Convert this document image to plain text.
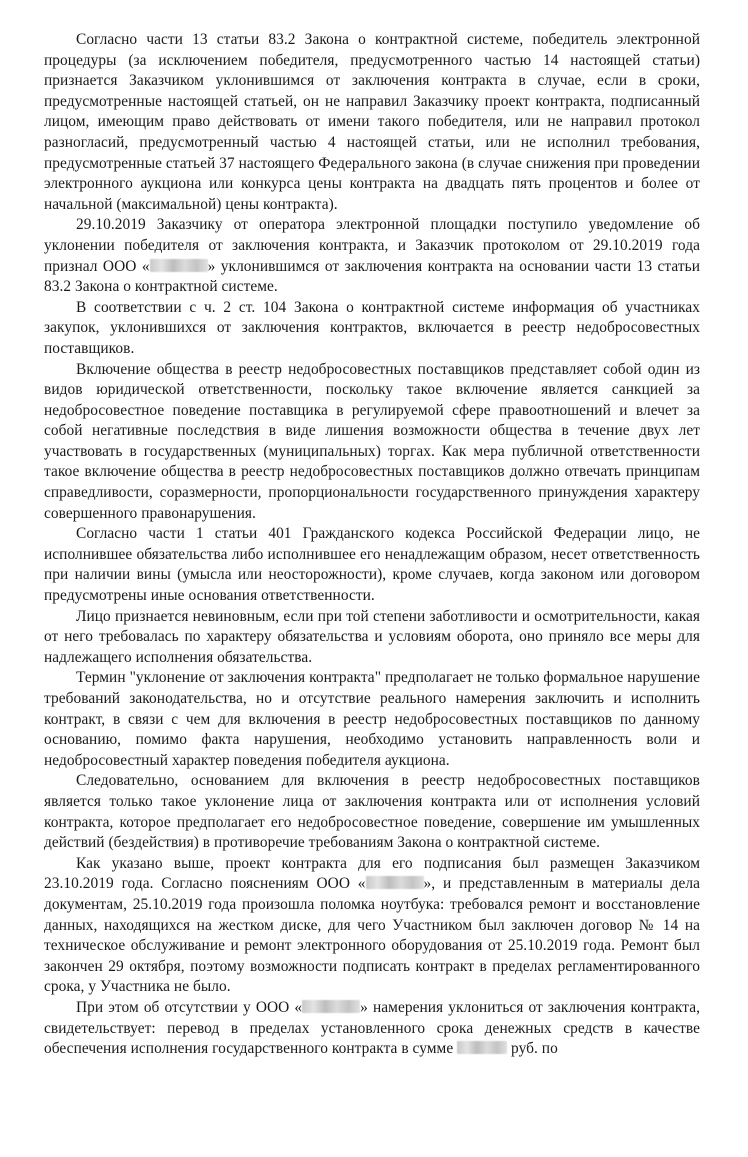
Согласно части 13 статьи 83.2 Закона о контрактной системе, победитель электронной процедуры (за исключением победителя, предусмотренного частью 14 настоящей статьи) признается Заказчиком уклонившимся от заключения контракта в случае, если в сроки, предусмотренные настоящей статьей, он не направил Заказчику проект контракта, подписанный лицом, имеющим право действовать от имени такого победителя, или не направил протокол разногласий, предусмотренный частью 4 настоящей статьи, или не исполнил требования, предусмотренные статьей 37 настоящего Федерального закона (в случае снижения при проведении электронного аукциона или конкурса цены контракта на двадцать пять процентов и более от начальной (максимальной) цены контракта).

29.10.2019 Заказчику от оператора электронной площадки поступило уведомление об уклонении победителя от заключения контракта, и Заказчик протоколом от 29.10.2019 года признал ООО «	» уклонившимся от заключения контракта на основании части 13 статьи 83.2 Закона о контрактной системе.

В соответствии с ч. 2 ст. 104 Закона о контрактной системе информация об участниках закупок, уклонившихся от заключения контрактов, включается в реестр недобросовестных поставщиков.

Включение общества в реестр недобросовестных поставщиков представляет собой один из видов юридической ответственности, поскольку такое включение является санкцией за недобросовестное поведение поставщика в регулируемой сфере правоотношений и влечет за собой негативные последствия в виде лишения возможности общества в течение двух лет участвовать в государственных (муниципальных) торгах. Как мера публичной ответственности такое включение общества в реестр недобросовестных поставщиков должно отвечать принципам справедливости, соразмерности, пропорциональности государственного принуждения характеру совершенного правонарушения.

Согласно части 1 статьи 401 Гражданского кодекса Российской Федерации лицо, не исполнившее обязательства либо исполнившее его ненадлежащим образом, несет ответственность при наличии вины (умысла или неосторожности), кроме случаев, когда законом или договором предусмотрены иные основания ответственности.

Лицо признается невиновным, если при той степени заботливости и осмотрительности, какая от него требовалась по характеру обязательства и условиям оборота, оно приняло все меры для надлежащего исполнения обязательства.

Термин "уклонение от заключения контракта" предполагает не только формальное нарушение требований законодательства, но и отсутствие реального намерения заключить и исполнить контракт, в связи с чем для включения в реестр недобросовестных поставщиков по данному основанию, помимо факта нарушения, необходимо установить направленность воли и недобросовестный характер поведения победителя аукциона.

Следовательно, основанием для включения в реестр недобросовестных поставщиков является только такое уклонение лица от заключения контракта или от исполнения условий контракта, которое предполагает его недобросовестное поведение, совершение им умышленных действий (бездействия) в противоречие требованиям Закона о контрактной системе.

Как указано выше, проект контракта для его подписания был размещен Заказчиком 23.10.2019 года. Согласно пояснениям ООО «	», и представленным в материалы дела документам, 25.10.2019 года произошла поломка ноутбука: требовался ремонт и восстановление данных, находящихся на жестком диске, для чего Участником был заключен договор № 14 на техническое обслуживание и ремонт электронного оборудования от 25.10.2019 года. Ремонт был закончен 29 октября, поэтому возможности подписать контракт в пределах регламентированного срока, у Участника не было.

При этом об отсутствии у ООО «	» намерения уклониться от заключения контракта, свидетельствует: перевод в пределах установленного срока денежных средств в качестве обеспечения исполнения государственного контракта в сумме	руб. по
